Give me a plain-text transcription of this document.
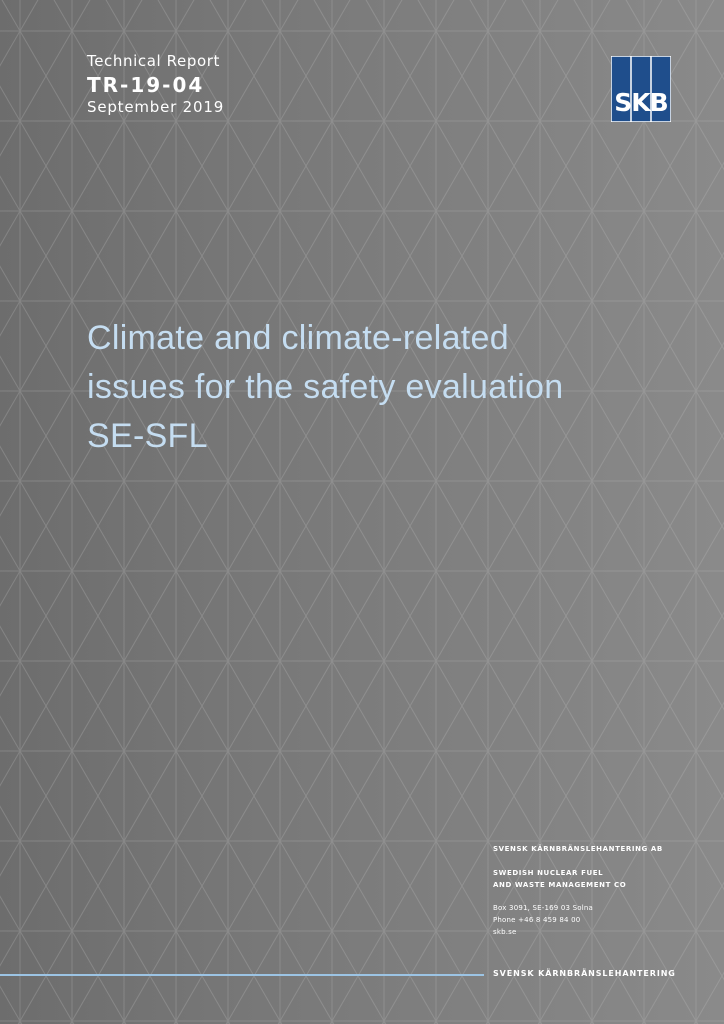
Technical Report
TR-19-04
September 2019	SKB
Climate and climate-related
issues for the safety evaluation
SE-SFL
SVENSK KÄRNBRÄNSLEHANTERING AB
SWEDISH NUCLEAR FUEL
AND WASTE MANAGEMENT CO
Box 3091, SE-169 03 Solna
Phone +46 8 459 84 00
skb.se
SVENSK KÄRNBRÄNSLEHANTERING
